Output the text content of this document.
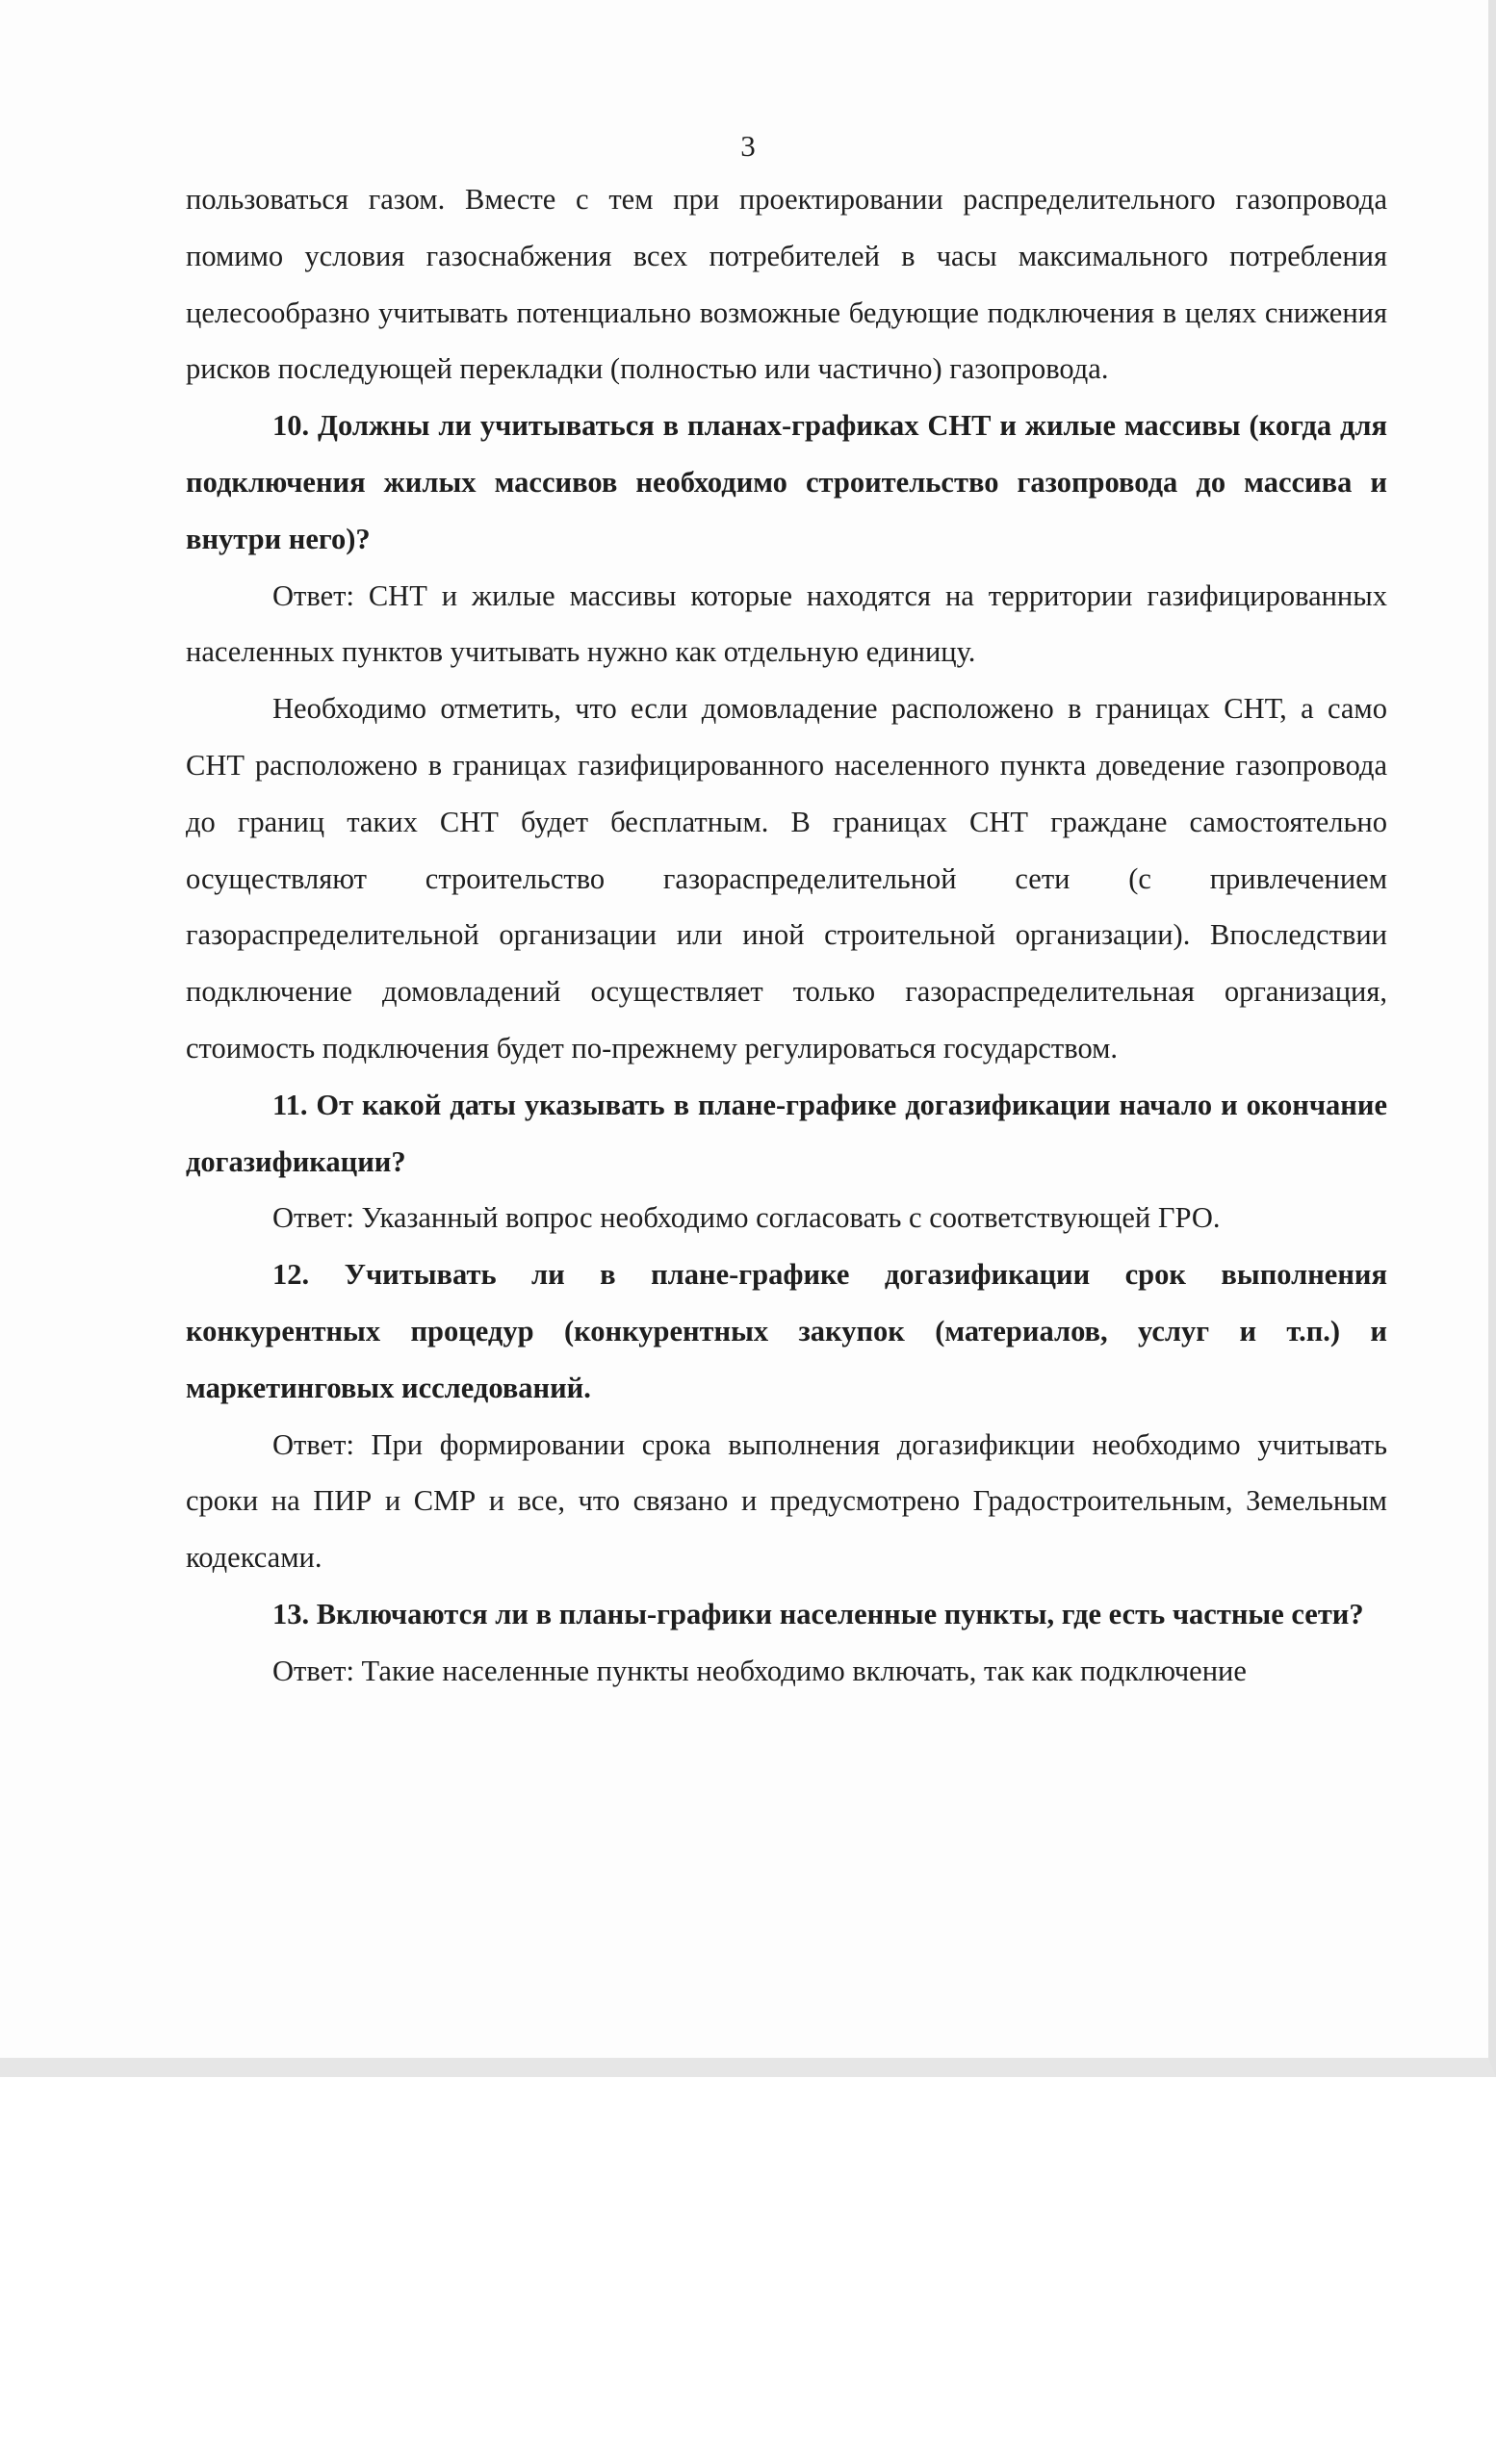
3

пользоваться газом. Вместе с тем при проектировании распределительного газопровода помимо условия газоснабжения всех потребителей в часы максимального потребления целесообразно учитывать потенциально возможные бедующие подключения в целях снижения рисков последующей перекладки (полностью или частично) газопровода.

10. Должны ли учитываться в планах-графиках СНТ и жилые массивы (когда для подключения жилых массивов необходимо строительство газопровода до массива и внутри него)?

Ответ: СНТ и жилые массивы которые находятся на территории газифицированных населенных пунктов учитывать нужно как отдельную единицу.

Необходимо отметить, что если домовладение расположено в границах СНТ, а само СНТ расположено в границах газифицированного населенного пункта доведение газопровода до границ таких СНТ будет бесплатным. В границах СНТ граждане самостоятельно осуществляют строительство газораспределительной сети (с привлечением газораспределительной организации или иной строительной организации). Впоследствии подключение домовладений осуществляет только газораспределительная организация, стоимость подключения будет по-прежнему регулироваться государством.

11. От какой даты указывать в плане-графике догазификации начало и окончание догазификации?

Ответ: Указанный вопрос необходимо согласовать с соответствующей ГРО.

12. Учитывать ли в плане-графике догазификации срок выполнения конкурентных процедур (конкурентных закупок (материалов, услуг и т.п.) и маркетинговых исследований.

Ответ: При формировании срока выполнения догазификции необходимо учитывать сроки на ПИР и СМР и все, что связано и предусмотрено Градостроительным, Земельным кодексами.

13. Включаются ли в планы-графики населенные пункты, где есть частные сети?

Ответ: Такие населенные пункты необходимо включать, так как подключение
